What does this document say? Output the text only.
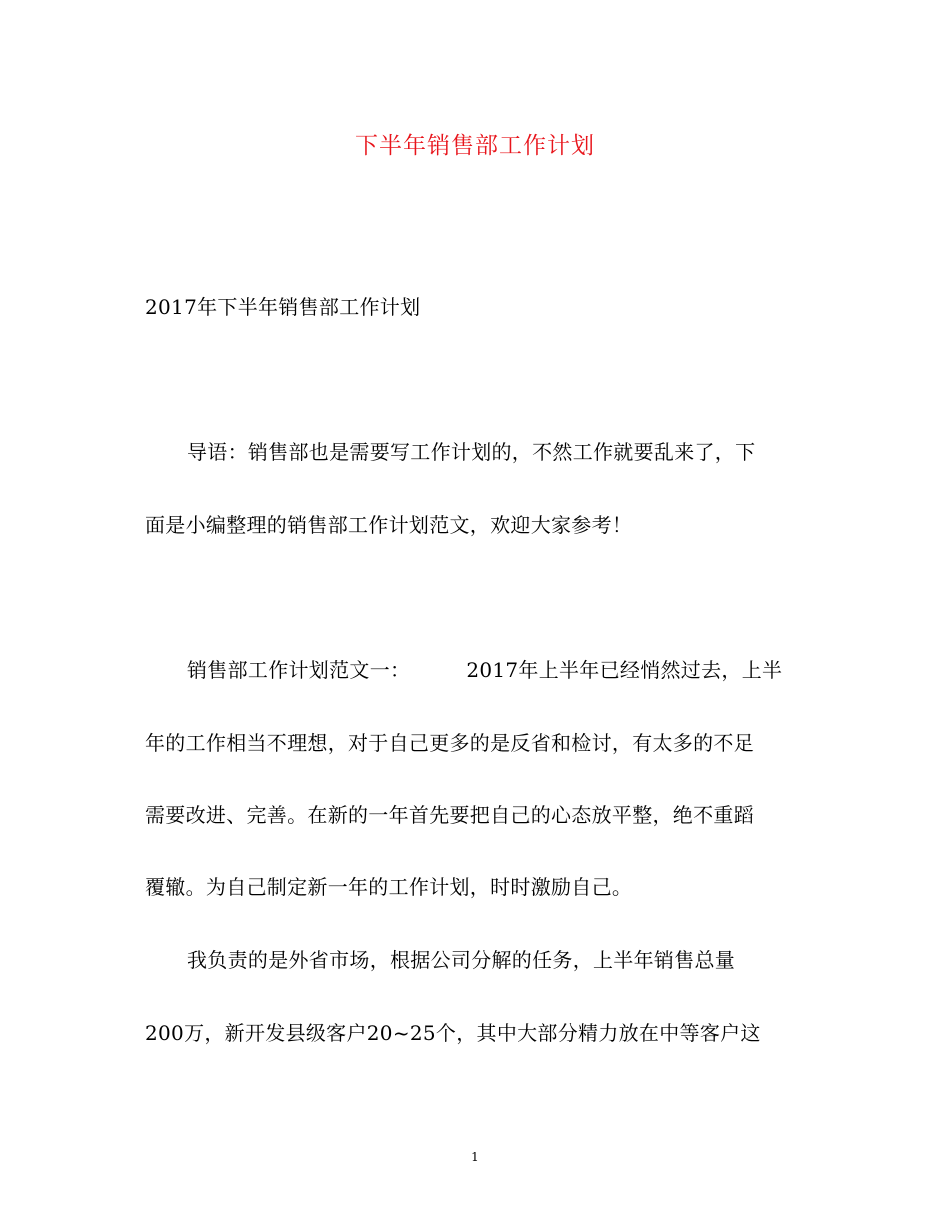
下半年销售部工作计划
2017年下半年销售部工作计划
导语：销售部也是需要写工作计划的，不然工作就要乱来了，下
面是小编整理的销售部工作计划范文，欢迎大家参考！
销售部工作计划范文一：	2017年上半年已经悄然过去，上半
年的工作相当不理想，对于自己更多的是反省和检讨，有太多的不足
需要改进、完善。在新的一年首先要把自己的心态放平整，绝不重蹈
覆辙。为自己制定新一年的工作计划，时时激励自己。
我负责的是外省市场，根据公司分解的任务，上半年销售总量
200万，新开发县级客户20~25个，其中大部分精力放在中等客户这
1
